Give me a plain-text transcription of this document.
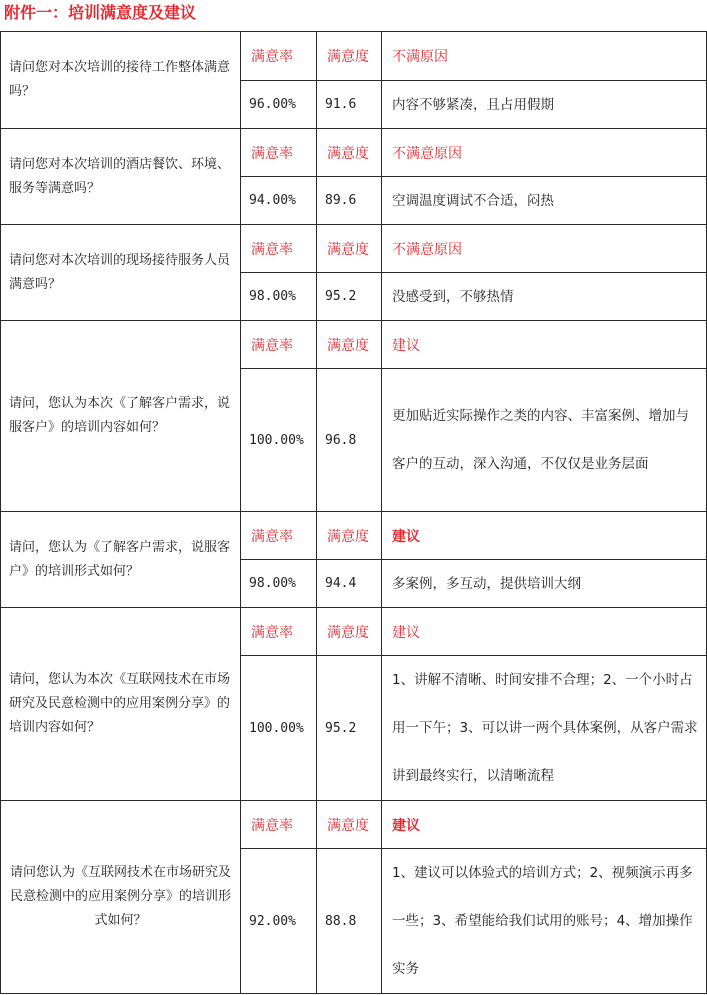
附件一：培训满意度及建议
请问您对本次培训的接待工作整体满意吗？	满意率	满意度	不满原因
	96.00%	91.6	内容不够紧凑，且占用假期
请问您对本次培训的酒店餐饮、环境、服务等满意吗？	满意率	满意度	不满意原因
	94.00%	89.6	空调温度调试不合适，闷热
请问您对本次培训的现场接待服务人员满意吗？	满意率	满意度	不满意原因
	98.00%	95.2	没感受到，不够热情
请问，您认为本次《了解客户需求，说服客户》的培训内容如何？	满意率	满意度	建议
	100.00%	96.8	更加贴近实际操作之类的内容、丰富案例、增加与客户的互动，深入沟通，不仅仅是业务层面
请问，您认为《了解客户需求，说服客户》的培训形式如何？	满意率	满意度	建议
	98.00%	94.4	多案例，多互动，提供培训大纲
请问，您认为本次《互联网技术在市场研究及民意检测中的应用案例分享》的培训内容如何？	满意率	满意度	建议
	100.00%	95.2	1、讲解不清晰、时间安排不合理；2、一个小时占用一下午；3、可以讲一两个具体案例，从客户需求讲到最终实行，以清晰流程
请问您认为《互联网技术在市场研究及民意检测中的应用案例分享》的培训形式如何？	满意率	满意度	建议
	92.00%	88.8	1、建议可以体验式的培训方式；2、视频演示再多一些；3、希望能给我们试用的账号；4、增加操作实务
